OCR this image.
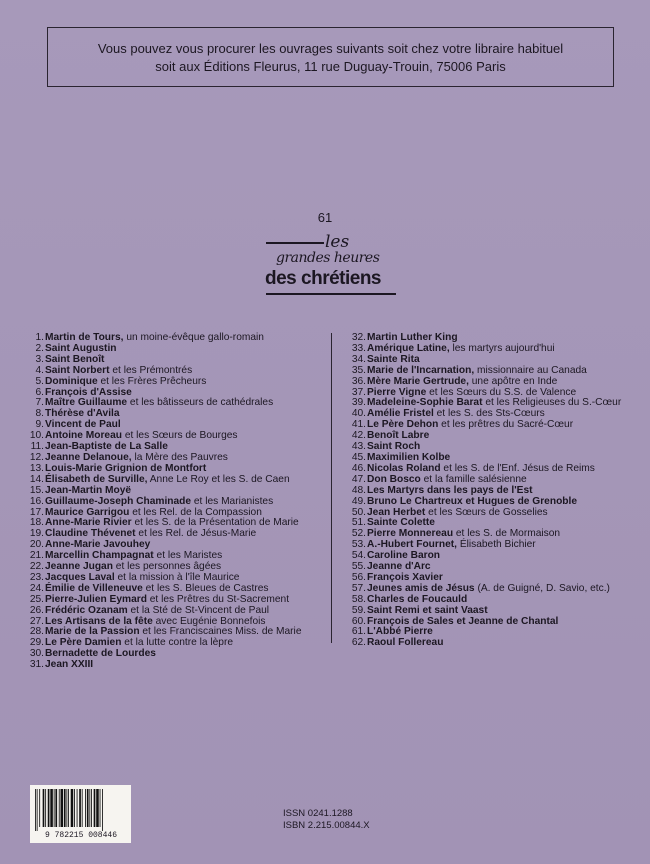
Vous pouvez vous procurer les ouvrages suivants soit chez votre libraire habituel
soit aux Éditions Fleurus, 11 rue Duguay-Trouin, 75006 Paris
61
les
grandes heures
des chrétiens
1. Martin de Tours, un moine-évêque gallo-romain
2. Saint Augustin
3. Saint Benoît
4. Saint Norbert et les Prémontrés
5. Dominique et les Frères Prêcheurs
6. François d'Assise
7. Maître Guillaume et les bâtisseurs de cathédrales
8. Thérèse d'Avila
9. Vincent de Paul
10. Antoine Moreau et les Sœurs de Bourges
11. Jean-Baptiste de La Salle
12. Jeanne Delanoue, la Mère des Pauvres
13. Louis-Marie Grignion de Montfort
14. Élisabeth de Surville, Anne Le Roy et les S. de Caen
15. Jean-Martin Moyë
16. Guillaume-Joseph Chaminade et les Marianistes
17. Maurice Garrigou et les Rel. de la Compassion
18. Anne-Marie Rivier et les S. de la Présentation de Marie
19. Claudine Thévenet et les Rel. de Jésus-Marie
20. Anne-Marie Javouhey
21. Marcellin Champagnat et les Maristes
22. Jeanne Jugan et les personnes âgées
23. Jacques Laval et la mission à l'île Maurice
24. Émilie de Villeneuve et les S. Bleues de Castres
25. Pierre-Julien Eymard et les Prêtres du St-Sacrement
26. Frédéric Ozanam et la Sté de St-Vincent de Paul
27. Les Artisans de la fête avec Eugénie Bonnefois
28. Marie de la Passion et les Franciscaines Miss. de Marie
29. Le Père Damien et la lutte contre la lèpre
30. Bernadette de Lourdes
31. Jean XXIII
32. Martin Luther King
33. Amérique Latine, les martyrs aujourd'hui
34. Sainte Rita
35. Marie de l'Incarnation, missionnaire au Canada
36. Mère Marie Gertrude, une apôtre en Inde
37. Pierre Vigne et les Sœurs du S.S. de Valence
39. Madeleine-Sophie Barat et les Religieuses du S.-Cœur
40. Amélie Fristel et les S. des Sts-Cœurs
41. Le Père Dehon et les prêtres du Sacré-Cœur
42. Benoît Labre
43. Saint Roch
45. Maximilien Kolbe
46. Nicolas Roland et les S. de l'Enf. Jésus de Reims
47. Don Bosco et la famille salésienne
48. Les Martyrs dans les pays de l'Est
49. Bruno Le Chartreux et Hugues de Grenoble
50. Jean Herbet et les Sœurs de Gosselies
51. Sainte Colette
52. Pierre Monnereau et les S. de Mormaison
53. A.-Hubert Fournet, Élisabeth Bichier
54. Caroline Baron
55. Jeanne d'Arc
56. François Xavier
57. Jeunes amis de Jésus (A. de Guigné, D. Savio, etc.)
58. Charles de Foucauld
59. Saint Remi et saint Vaast
60. François de Sales et Jeanne de Chantal
61. L'Abbé Pierre
62. Raoul Follereau
9 782215 008446
ISSN 0241.1288
ISBN 2.215.00844.X
